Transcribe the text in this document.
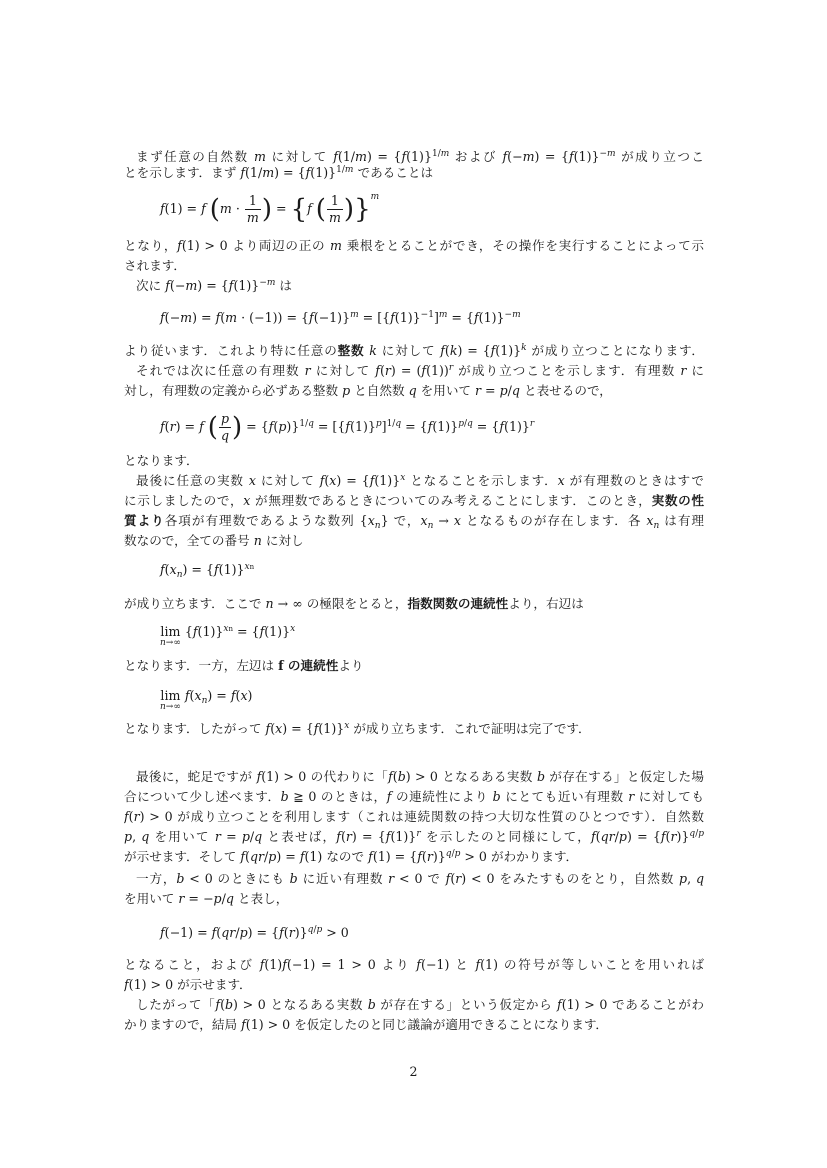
まず任意の自然数 m に対して $f(1/m) = \{f(1)\}^{1/m}$ および $f(-m) = \{f(1)\}^{-m}$ が成り立つこ
とを示します．まず $f(1/m) = \{f(1)\}^{1/m}$ であることは
f(1) = f ($m \cdot \frac{1}{m}$ ) = {f ( $\frac{1}{m} )\}^m$
となり，f(1) > 0 より両辺の正の m 乗根をとることができ，その操作を実行することによって示
されます．
次に $f(-m) = \{f(1)\}^{-m}$ は
$f(-m) = f(m \cdot (-1)) = \{f(-1)\}^m = [\{f(1)\}^{-1}]^m = \{f(1)\}^{-m}$
より従います．これより特に任意の整数 k に対して $f(k) = \{f(1)\}^k$ が成り立つことになります．
それでは次に任意の有理数 r に対して $f(r) = (f(1))^r$ が成り立つことを示します．有理数 r に
対し，有理数の定義から必ずある整数 p と自然数 q を用いて r = p/q と表せるので，
f(r) = f ( $\frac{p}{q}$ ) = $\{f(p)\}^{1/q} = [\{f(1)\}^p]^{1/q} = \{f(1)\}^{p/q} = \{f(1)\}^r$
となります．
最後に任意の実数 x に対して $f(x) = \{f(1)\}^x$ となることを示します．x が有理数のときはすで
に示しましたので，x が無理数であるときについてのみ考えることにします．このとき，実数の性
質より各項が有理数であるような数列 $\{x_n\}$ で，$x_n \to x$ となるものが存在します．各 $x_n$ は有理
数なので，全ての番号 n に対し
$f(x_n) = \{f(1)\}^{xn}$
が成り立ちます．ここで n → ∞ の極限をとると，指数関数の連続性より，右辺は
lim
n→∞
$\{f(1)\}^{xn} = \{f(1)\}^x$
となります．一方，左辺は f の連続性より
lim
n→∞
$f(x_n) = f(x)$
となります．したがって $f(x) = \{f(1)\}^x$ が成り立ちます．これで証明は完了です．
最後に，蛇足ですが f(1) > 0 の代わりに「f(b) > 0 となるある実数 b が存在する」と仮定した場
合について少し述べます．b ≧ 0 のときは，f の連続性により b にとても近い有理数 r に対しても
f(r) > 0 が成り立つことを利用します（これは連続関数の持つ大切な性質のひとつです）．自然数
p, q を用いて r = p/q と表せば，$f(r) = \{f(1)\}^r$ を示したのと同様にして，$f(qr/p) = \{f(r)\}^{q/p}$
が示せます．そして f(qr/p) = f(1) なので $f(1) = \{f(r)\}^{q/p} > 0$ がわかります．
一方，b < 0 のときにも b に近い有理数 r < 0 で f(r) < 0 をみたすものをとり，自然数 p, q
を用いて r = −p/q と表し，
$f(-1) = f(qr/p) = \{f(r)\}^{q/p} > 0$
となること，および f(1)f(−1) = 1 > 0 より f(−1) と f(1) の符号が等しいことを用いれば
f(1) > 0 が示せます．
したがって「f(b) > 0 となるある実数 b が存在する」という仮定から f(1) > 0 であることがわ
かりますので，結局 f(1) > 0 を仮定したのと同じ議論が適用できることになります．
2
